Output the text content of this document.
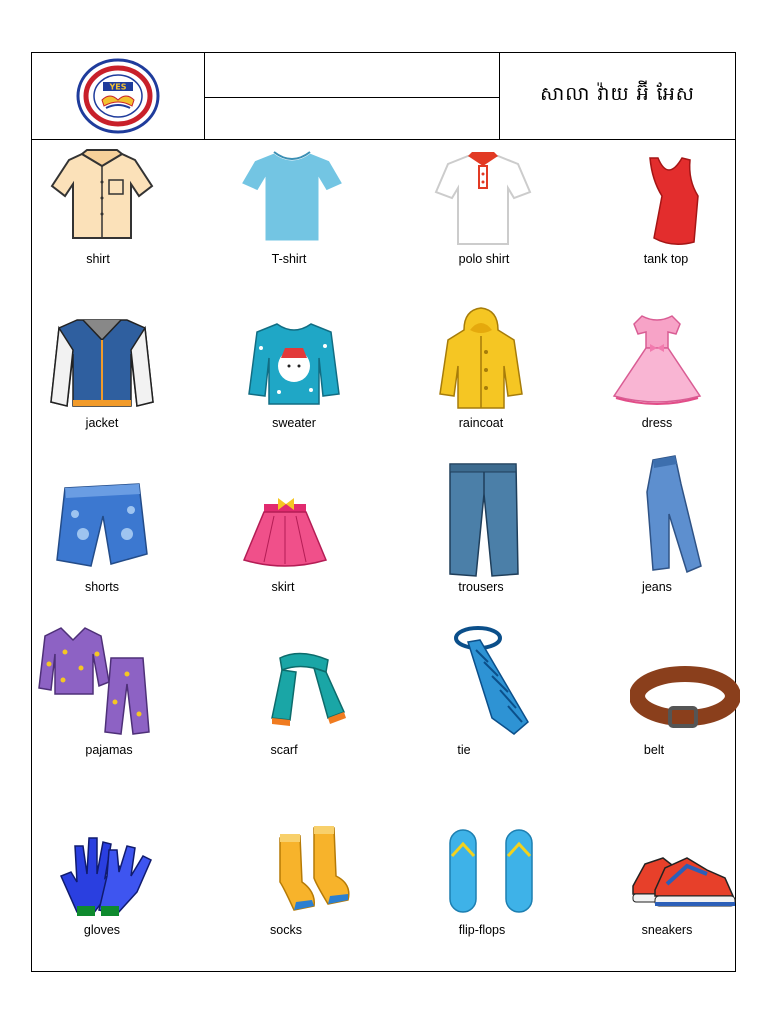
YES	សាលា វ៉ាយ អ៊ី អែស
shirt	T-shirt	polo shirt	tank top
jacket	sweater	raincoat	dress
shorts	skirt	trousers	jeans
pajamas	scarf	tie	belt
gloves	socks	flip-flops	sneakers
